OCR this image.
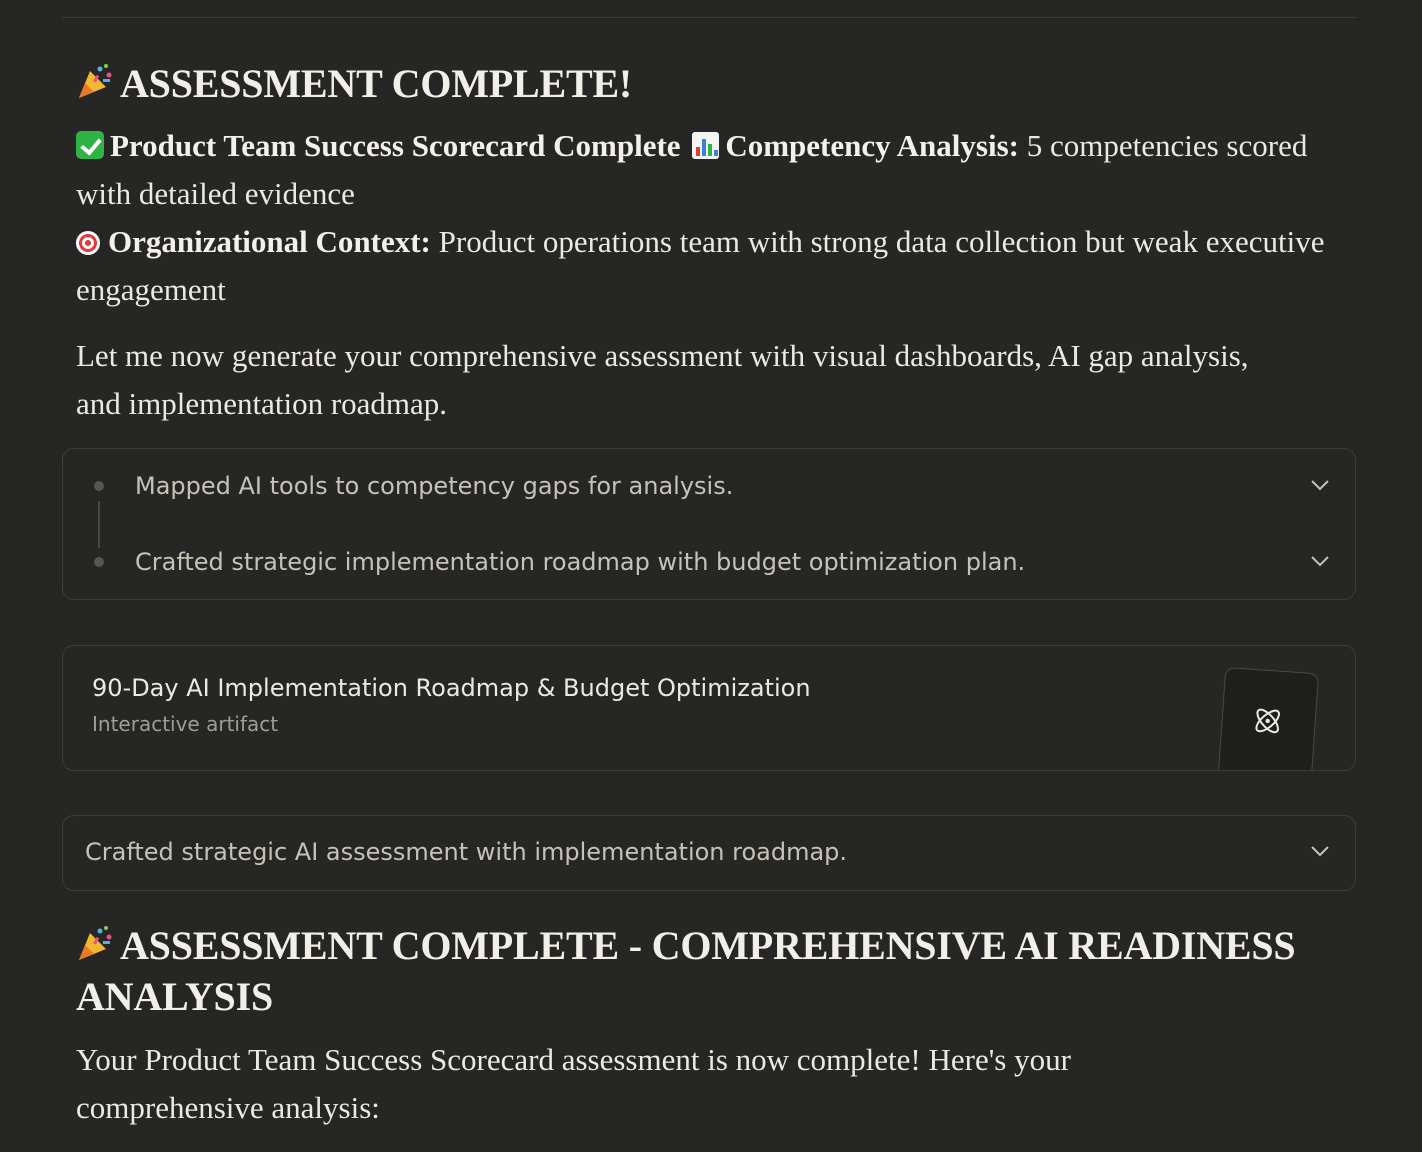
ASSESSMENT COMPLETE!

Product Team Success Scorecard Complete Competency Analysis: 5 competencies scored with detailed evidence

Organizational Context: Product operations team with strong data collection but weak executive engagement

Let me now generate your comprehensive assessment with visual dashboards, AI gap analysis, and implementation roadmap.

Mapped AI tools to competency gaps for analysis.
Crafted strategic implementation roadmap with budget optimization plan.
90-Day AI Implementation Roadmap & Budget Optimization
Interactive artifact
Crafted strategic AI assessment with implementation roadmap.
ASSESSMENT COMPLETE - COMPREHENSIVE AI READINESS ANALYSIS

Your Product Team Success Scorecard assessment is now complete! Here's your comprehensive analysis:
